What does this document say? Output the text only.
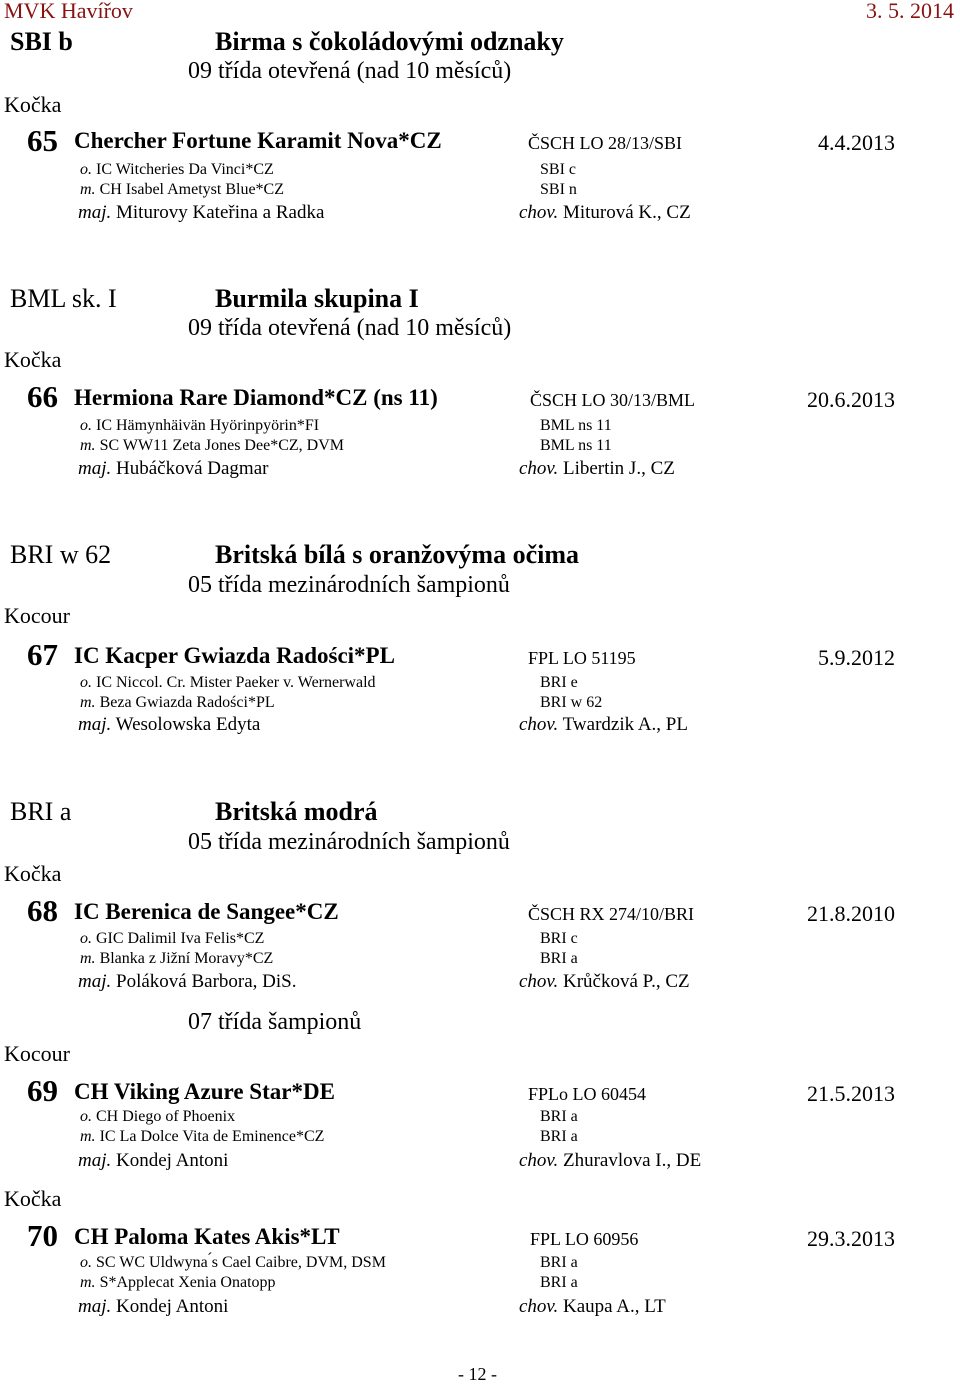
MVK Havířov	3. 5. 2014
SBI b	Birma s čokoládovými odznaky
09 třída otevřená (nad 10 měsíců)
Kočka
65 Chercher Fortune Karamit Nova*CZ	ČSCH LO 28/13/SBI	4.4.2013
o. IC Witcheries Da Vinci*CZ	SBI c
m. CH Isabel Ametyst Blue*CZ	SBI n
maj. Miturovy Kateřina a Radka	chov. Miturová K., CZ
BML sk. I	Burmila skupina I
09 třída otevřená (nad 10 měsíců)
Kočka
66 Hermiona Rare Diamond*CZ (ns 11)	ČSCH LO 30/13/BML	20.6.2013
o. IC Hämynhäivän Hyörinpyörin*FI	BML ns 11
m. SC WW11 Zeta Jones Dee*CZ, DVM	BML ns 11
maj. Hubáčková Dagmar	chov. Libertin J., CZ
BRI w 62	Britská bílá s oranžovýma očima
05 třída mezinárodních šampionů
Kocour
67 IC Kacper Gwiazda Radości*PL	FPL LO 51195	5.9.2012
o. IC Niccol. Cr. Mister Paeker v. Wernerwald	BRI e
m. Beza Gwiazda Radości*PL	BRI w 62
maj. Wesolowska Edyta	chov. Twardzik A., PL
BRI a	Britská modrá
05 třída mezinárodních šampionů
Kočka
68 IC Berenica de Sangee*CZ	ČSCH RX 274/10/BRI	21.8.2010
o. GIC Dalimil Iva Felis*CZ	BRI c
m. Blanka z Jižní Moravy*CZ	BRI a
maj. Poláková Barbora, DiS.	chov. Krůčková P., CZ
07 třída šampionů
Kocour
69 CH Viking Azure Star*DE	FPLo LO 60454	21.5.2013
o. CH Diego of Phoenix	BRI a
m. IC La Dolce Vita de Eminence*CZ	BRI a
maj. Kondej Antoni	chov. Zhuravlova I., DE
Kočka
70 CH Paloma Kates Akis*LT	FPL LO 60956	29.3.2013
o. SC WC Uldwyna ́s Cael Caibre, DVM, DSM	BRI a
m. S*Applecat Xenia Onatopp	BRI a
maj. Kondej Antoni	chov. Kaupa A., LT
- 12 -
